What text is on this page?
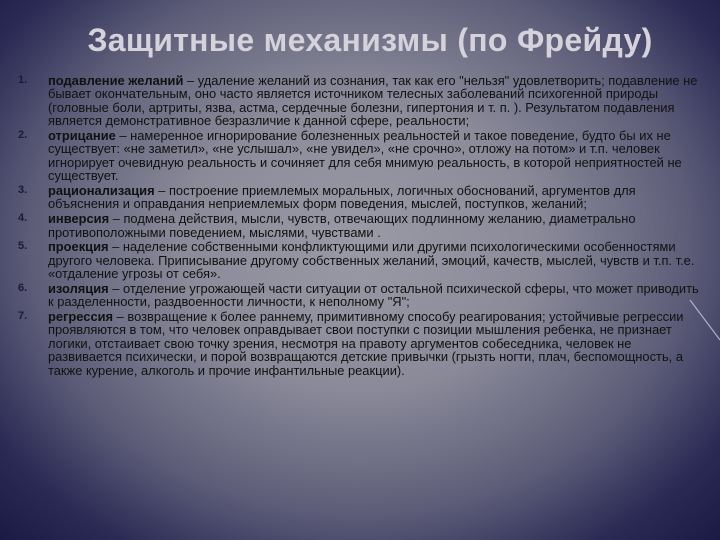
Защитные механизмы (по Фрейду)
1.	подавление желаний – удаление желаний из сознания, так как его "нельзя" удовлетворить; подавление не бывает окончательным, оно часто является источником телесных заболеваний психогенной природы (головные боли, артриты, язва, астма, сердечные болезни, гипертония и т. п. ). Результатом подавления является демонстративное безразличие к данной сфере, реальности;
2.	отрицание – намеренное игнорирование болезненных реальностей и такое поведение, будто бы их не существует: «не заметил», «не услышал», «не увидел», «не срочно», отложу на потом» и т.п. человек игнорирует очевидную реальность и сочиняет для себя мнимую реальность, в которой неприятностей не существует.
3.	рационализация – построение приемлемых моральных, логичных обоснований, аргументов для объяснения и оправдания неприемлемых форм поведения, мыслей, поступков, желаний;
4.	инверсия – подмена действия, мысли, чувств, отвечающих подлинному желанию, диаметрально противоположными поведением, мыслями, чувствами .
5.	проекция – наделение собственными конфликтующими или другими психологическими особенностями другого человека. Приписывание другому собственных желаний, эмоций, качеств, мыслей, чувств и т.п. т.е. «отдаление угрозы от себя».
6.	изоляция – отделение угрожающей части ситуации от остальной психической сферы, что может приводить к разделенности, раздвоенности личности, к неполному "Я";
7.	регрессия – возвращение к более раннему, примитивному способу реагирования; устойчивые регрессии проявляются в том, что человек оправдывает свои поступки с позиции мышления ребенка, не признает логики, отстаивает свою точку зрения, несмотря на правоту аргументов собеседника, человек не развивается психически, и порой возвращаются детские привычки (грызть ногти, плач, беспомощность, а также курение, алкоголь и прочие инфантильные реакции).
